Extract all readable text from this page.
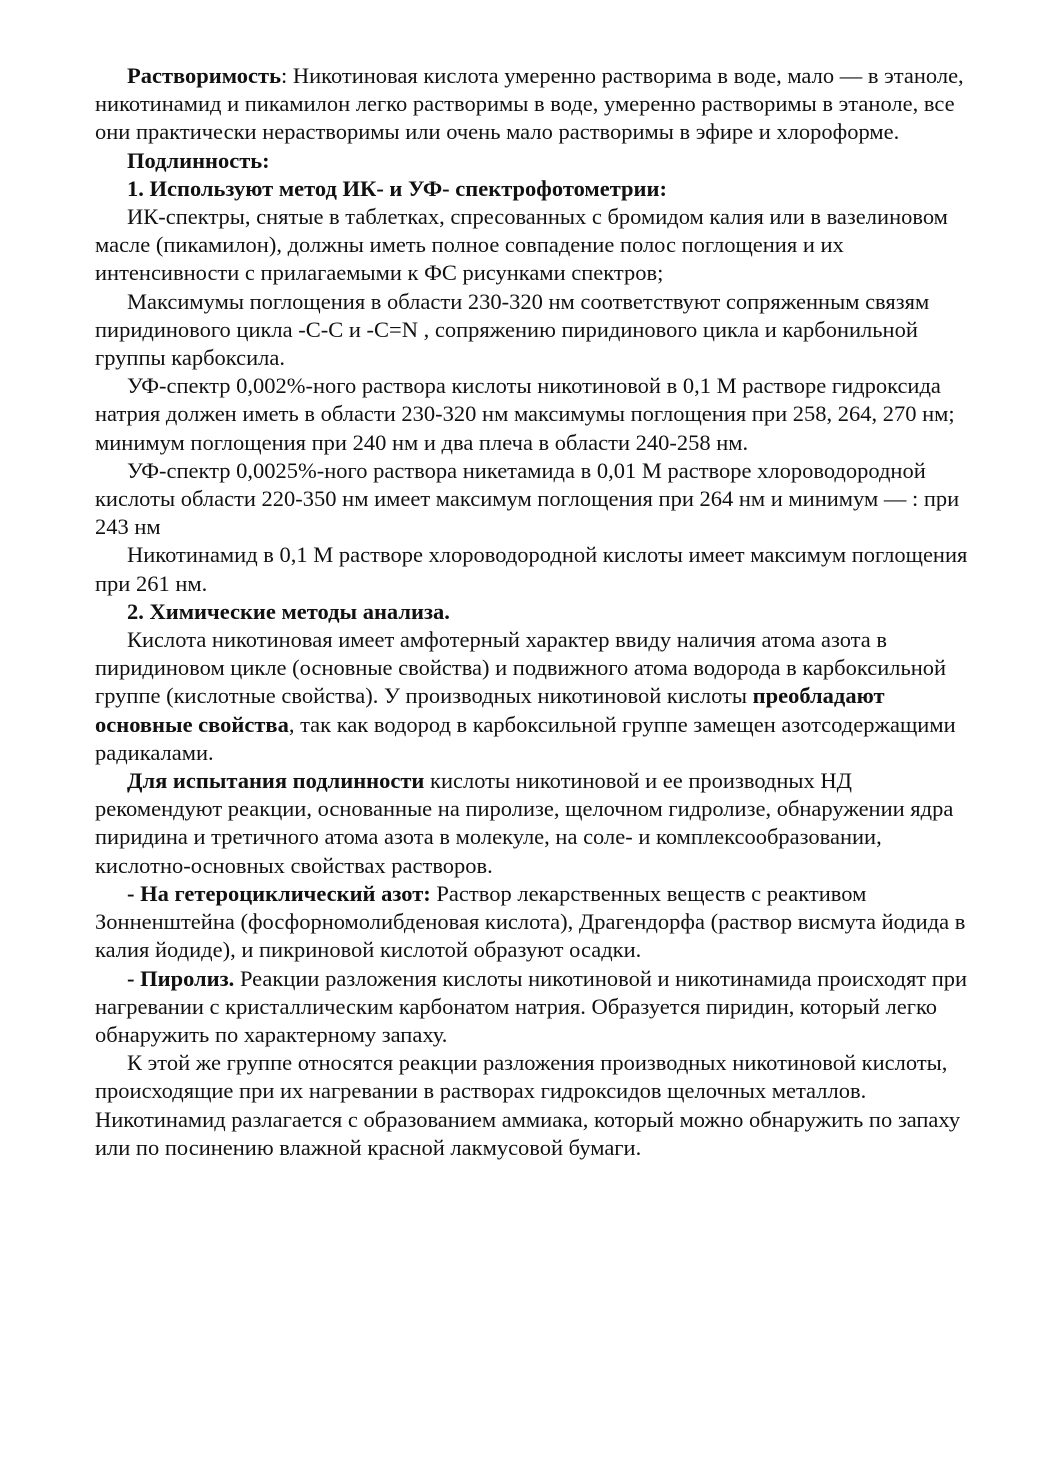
Растворимость: Никотиновая кислота умеренно растворима в воде, мало — в этаноле, никотинамид и пикамилон легко растворимы в воде, умеренно растворимы в этаноле, все они практически нерастворимы или очень мало растворимы в эфире и хлороформе.

Подлинность:

1. Используют метод ИК- и УФ- спектрофотометрии:

ИК-спектры, снятые в таблетках, спресованных с бромидом калия или в вазелиновом масле (пикамилон), должны иметь полное совпадение полос поглощения и их интенсивности с прилагаемыми к ФС рисунками спектров;

Максимумы поглощения в области 230-320 нм соответствуют сопряженным связям пиридинового цикла -С-С и -С=N , сопряжению пиридинового цикла и карбонильной группы карбоксила.

УФ-спектр 0,002%-ного раствора кислоты никотиновой в 0,1 М растворе гидроксида натрия должен иметь в области 230-320 нм максимумы поглощения при 258, 264, 270 нм; минимум поглощения при 240 нм и два плеча в области 240-258 нм.

УФ-спектр 0,0025%-ного раствора никетамида в 0,01 М растворе хлороводородной кислоты области 220-350 нм имеет максимум поглощения при 264 нм и минимум — : при 243 нм

Никотинамид в 0,1 М растворе хлороводородной кислоты имеет максимум поглощения при 261 нм.

2. Химические методы анализа.

Кислота никотиновая имеет амфотерный характер ввиду наличия атома азота в пиридиновом цикле (основные свойства) и подвижного атома водорода в карбоксильной группе (кислотные свойства). У производных никотиновой кислоты преобладают основные свойства, так как водород в карбоксильной группе замещен азотсодержащими радикалами.

Для испытания подлинности кислоты никотиновой и ее производных НД рекомендуют реакции, основанные на пиролизе, щелочном гидролизе, обнаружении ядра пиридина и третичного атома азота в молекуле, на соле- и комплексообразовании, кислотно-основных свойствах растворов.

- На гетероциклический азот: Раствор лекарственных веществ с реактивом Зонненштейна (фосфорномолибденовая кислота), Драгендорфа (раствор висмута йодида в калия йодиде), и пикриновой кислотой образуют осадки.

- Пиролиз. Реакции разложения кислоты никотиновой и никотинамида происходят при нагревании с кристаллическим карбонатом натрия. Образуется пиридин, который легко обнаружить по характерному запаху.

К этой же группе относятся реакции разложения производных никотиновой кислоты, происходящие при их нагревании в растворах гидроксидов щелочных металлов. Никотинамид разлагается с образованием аммиака, который можно обнаружить по запаху или по посинению влажной красной лакмусовой бумаги.
